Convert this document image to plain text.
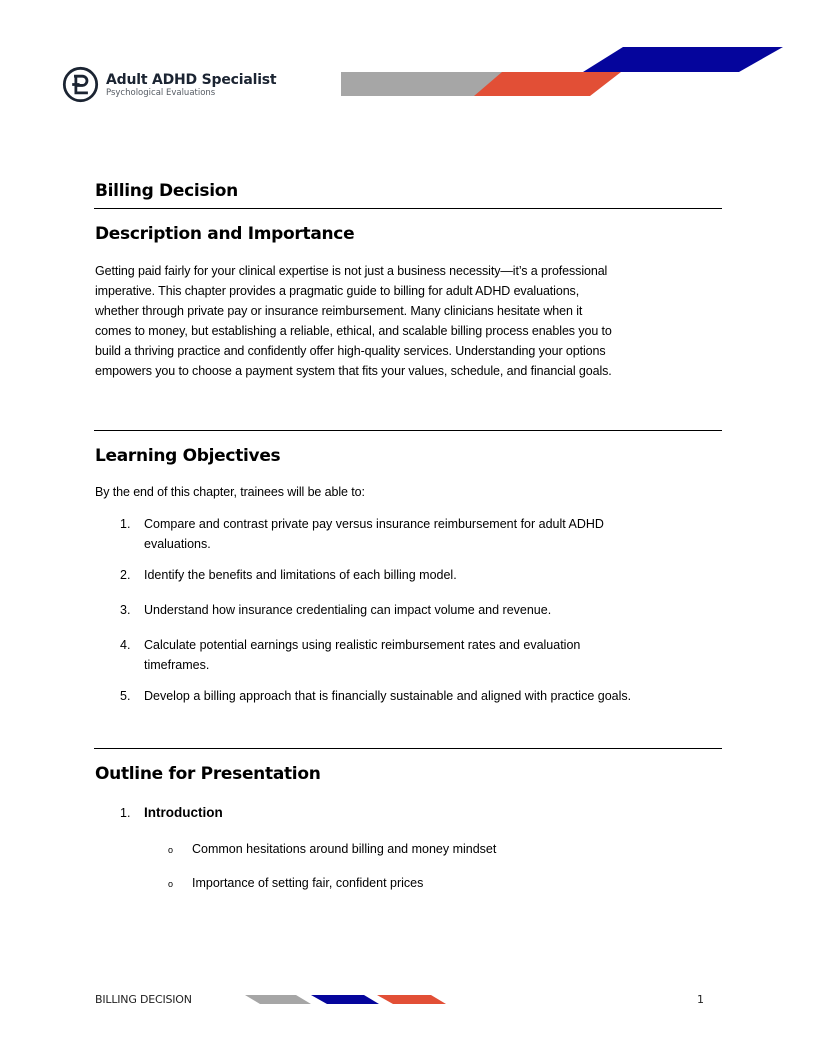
Adult ADHD Specialist
Psychological Evaluations
Billing Decision
Description and Importance
Getting paid fairly for your clinical expertise is not just a business necessity—it’s a professional
imperative. This chapter provides a pragmatic guide to billing for adult ADHD evaluations,
whether through private pay or insurance reimbursement. Many clinicians hesitate when it
comes to money, but establishing a reliable, ethical, and scalable billing process enables you to
build a thriving practice and confidently offer high-quality services. Understanding your options
empowers you to choose a payment system that fits your values, schedule, and financial goals.
Learning Objectives
By the end of this chapter, trainees will be able to:
1.	Compare and contrast private pay versus insurance reimbursement for adult ADHD
evaluations.
2.	Identify the benefits and limitations of each billing model.
3.	Understand how insurance credentialing can impact volume and revenue.
4.	Calculate potential earnings using realistic reimbursement rates and evaluation
timeframes.
5.	Develop a billing approach that is financially sustainable and aligned with practice goals.
Outline for Presentation
1.	Introduction
o Common hesitations around billing and money mindset
o Importance of setting fair, confident prices
BILLING DECISION	1
